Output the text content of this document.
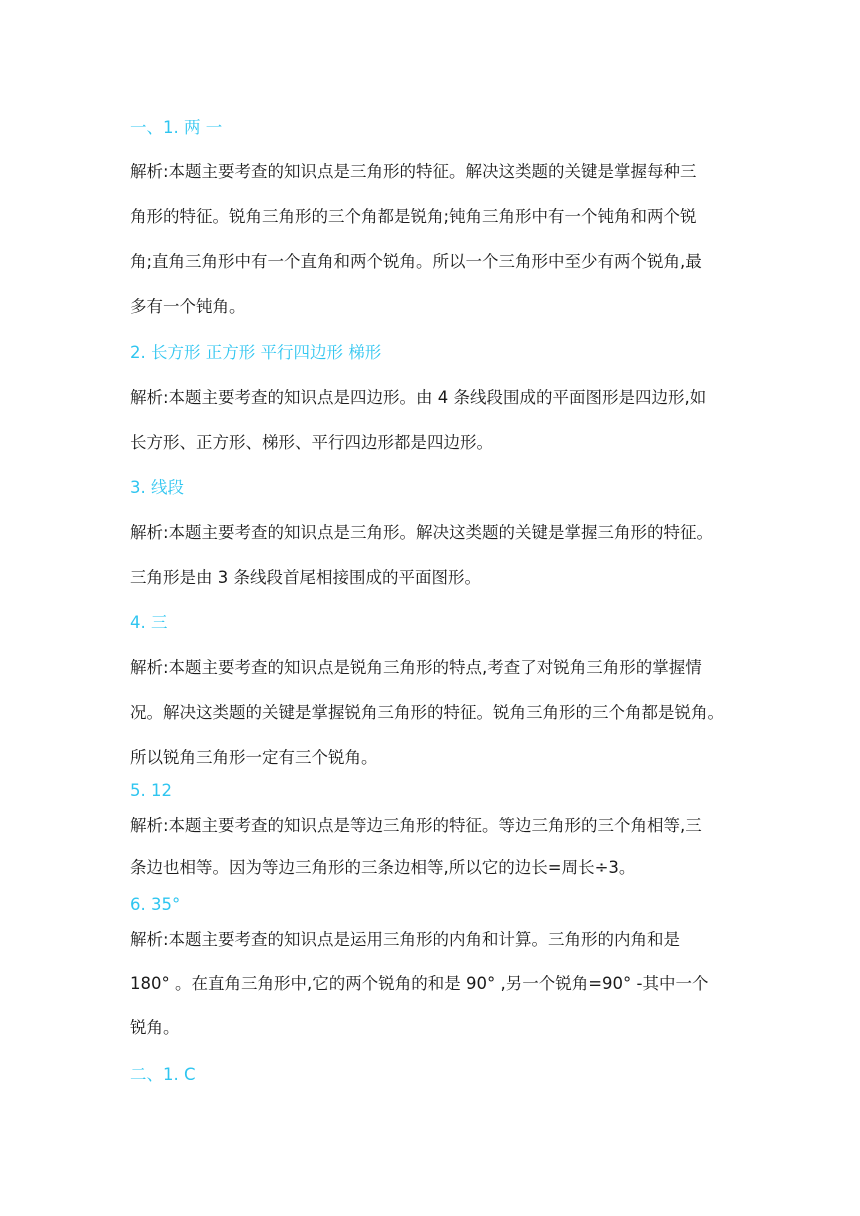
一、1. 两 一
解析:本题主要考查的知识点是三角形的特征。解决这类题的关键是掌握每种三
角形的特征。锐角三角形的三个角都是锐角;钝角三角形中有一个钝角和两个锐
角;直角三角形中有一个直角和两个锐角。所以一个三角形中至少有两个锐角,最
多有一个钝角。
2. 长方形 正方形 平行四边形 梯形
解析:本题主要考查的知识点是四边形。由 4 条线段围成的平面图形是四边形,如
长方形、正方形、梯形、平行四边形都是四边形。
3. 线段
解析:本题主要考查的知识点是三角形。解决这类题的关键是掌握三角形的特征。
三角形是由 3 条线段首尾相接围成的平面图形。
4. 三
解析:本题主要考查的知识点是锐角三角形的特点,考查了对锐角三角形的掌握情
况。解决这类题的关键是掌握锐角三角形的特征。锐角三角形的三个角都是锐角。
所以锐角三角形一定有三个锐角。
5. 12
解析:本题主要考查的知识点是等边三角形的特征。等边三角形的三个角相等,三
条边也相等。因为等边三角形的三条边相等,所以它的边长=周长÷3。
6. 35°
解析:本题主要考查的知识点是运用三角形的内角和计算。三角形的内角和是
180° 。在直角三角形中,它的两个锐角的和是 90° ,另一个锐角=90° -其中一个
锐角。
二、1. C
